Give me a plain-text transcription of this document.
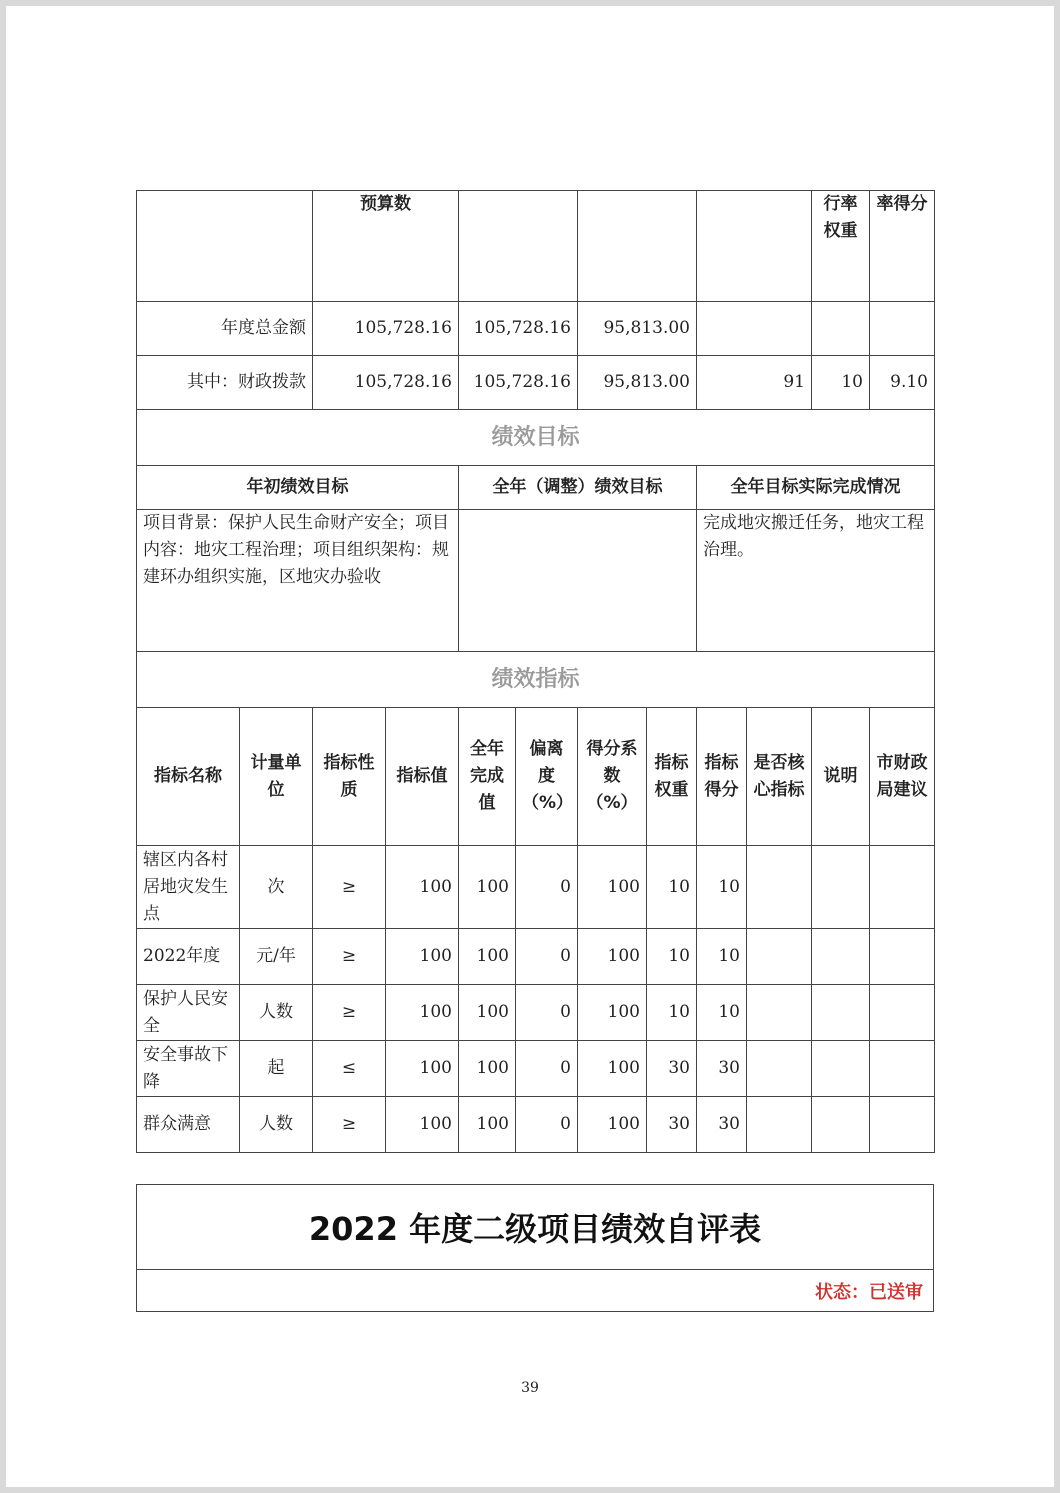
		预算数								行率权重	率得分
年度总金额		105,728.16		105,728.16		95,813.00					
其中：财政拨款		105,728.16		105,728.16		95,813.00		91		10	9.10
绩效目标											
年初绩效目标				全年（调整）绩效目标				全年目标实际完成情况			
项目背景：保护人民生命财产安全；项目内容：地灾工程治理；项目组织架构：规建环办组织实施，区地灾办验收								完成地灾搬迁任务，地灾工程治理。			
绩效指标											
指标名称	计量单位	指标性质	指标值	全年完成值	偏离度（%）	得分系数（%）	指标权重	指标得分	是否核心指标	说明	市财政局建议
辖区内各村居地灾发生点	次	≥	100	100	0	100	10	10			
2022年度	元/年	≥	100	100	0	100	10	10			
保护人民安全	人数	≥	100	100	0	100	10	10			
安全事故下降	起	≤	100	100	0	100	30	30			
群众满意	人数	≥	100	100	0	100	30	30			
2022 年度二级项目绩效自评表
状态：已送审
39
